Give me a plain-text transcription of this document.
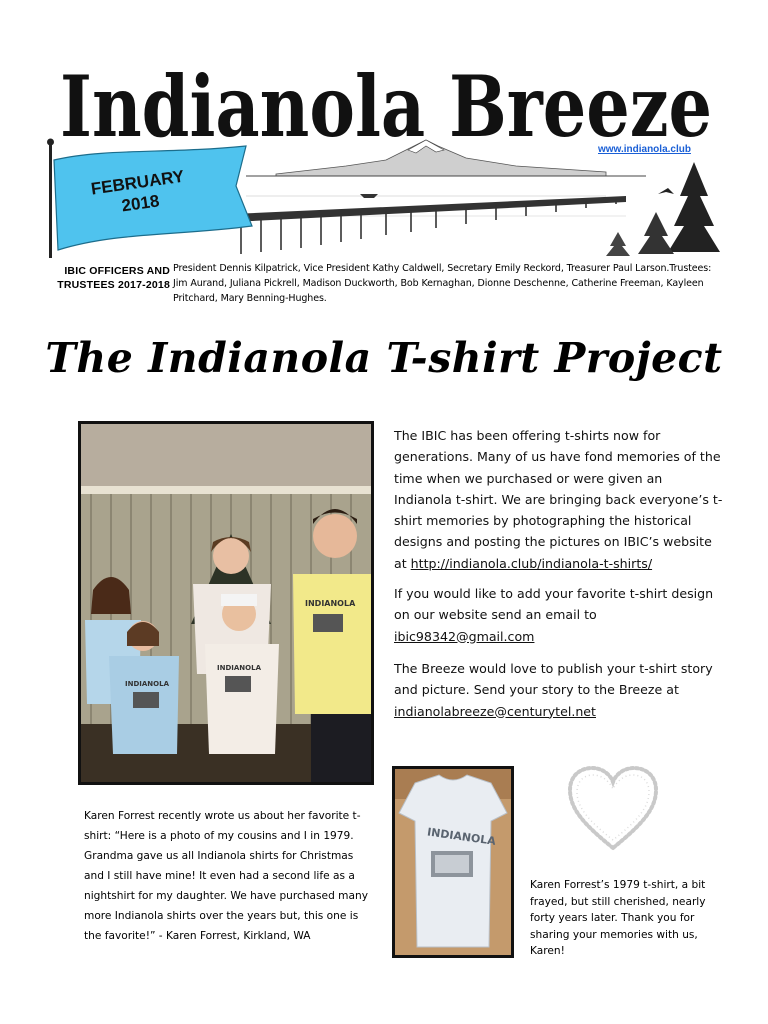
Indianola Breeze
www.indianola.club
FEBRUARY
2018
IBIC OFFICERS AND TRUSTEES 2017-2018
President Dennis Kilpatrick, Vice President Kathy Caldwell, Secretary Emily Reckord, Treasurer Paul Larson.Trustees: Jim Aurand, Juliana Pickrell, Madison Duckworth, Bob Kernaghan, Dionne Deschenne, Catherine Freeman, Kayleen Pritchard, Mary Benning-Hughes.
The Indianola T-shirt Project
INDIANOLA
INDIANOLA
INDIANOLA
The IBIC has been offering t-shirts now for generations. Many of us have fond memories of the time when we purchased or were given an Indianola t-shirt. We are bringing back everyone’s t-shirt memories by photographing the historical designs and posting the pictures on IBIC’s website at http://indianola.club/indianola-t-shirts/
If you would like to add your favorite t-shirt design on our website send an email to ibic98342@gmail.com
The Breeze would love to publish your t-shirt story and picture. Send your story to the Breeze at indianolabreeze@centurytel.net
Karen Forrest recently wrote us about her favorite t-shirt: “Here is a photo of my cousins and I in 1979. Grandma gave us all Indianola shirts for Christmas and I still have mine! It even had a second life as a nightshirt for my daughter. We have purchased many more Indianola shirts over the years but, this one is the favorite!” - Karen Forrest, Kirkland, WA
INDIANOLA
Karen Forrest’s 1979 t-shirt, a bit frayed, but still cherished, nearly forty years later. Thank you for sharing your memories with us, Karen!
